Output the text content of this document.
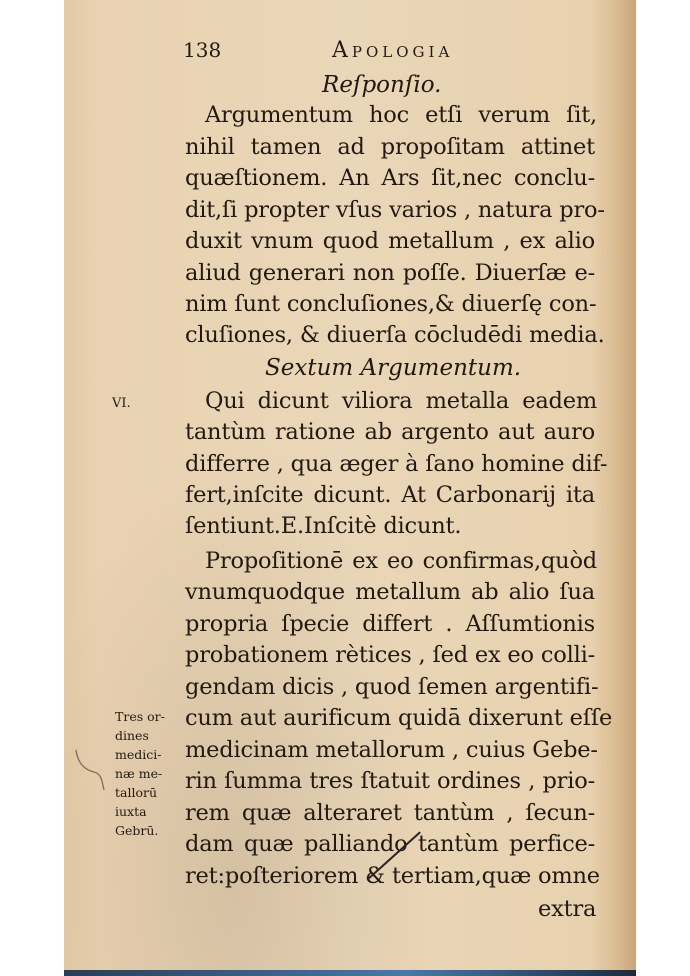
138	Apologia
Reſponſio.
Argumentum hoc etſi verum ſit,
nihil tamen ad propoſitam attinet
quæſtionem. An Ars ſit,nec conclu-
dit,ſi propter vſus varios , natura pro-
duxit vnum quod metallum , ex alio
aliud generari non poſſe. Diuerſæ e-
nim ſunt concluſiones,& diuerſę con-
cluſiones, & diuerſa cōcludēdi media.
Sextum Argumentum.
VI.	Qui dicunt viliora metalla eadem
tantùm ratione ab argento aut auro
differre , qua æger à ſano homine dif-
fert,inſcite dicunt. At Carbonarij ita
ſentiunt.E.Inſcitè dicunt.
Propoſitionē ex eo confirmas,quòd
vnumquodque metallum ab alio ſua
propria ſpecie differt . Aſſumtionis
probationem rètices , ſed ex eo colli-
gendam dicis , quod ſemen argentifi-
cum aut aurificum quidā dixerunt eſſe
medicinam metallorum , cuius Gebe-
rin ſumma tres ſtatuit ordines , prio-
rem quæ alteraret tantùm , ſecun-
dam quæ palliando tantùm perfice-
ret:poſteriorem & tertiam,quæ omne
extra
Tres or-
dines
medici-
næ me-
tallorū
iuxta
Gebrū.
